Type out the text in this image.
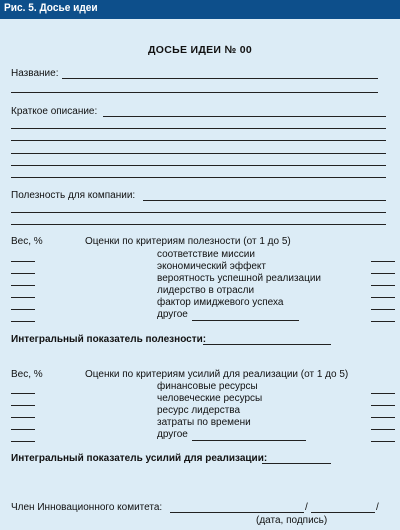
Рис. 5. Досье идеи
ДОСЬЕ ИДЕИ № 00
Название:
Краткое описание:
Полезность для компании:
Вес, %	Оценки по критериям полезности (от 1 до 5)
соответствие миссии
экономический эффект
вероятность успешной реализации
лидерство в отрасли
фактор имиджевого успеха
другое
Интегральный показатель полезности:
Вес, %	Оценки по критериям усилий для реализации (от 1 до 5)
финансовые ресурсы
человеческие ресурсы
ресурс лидерства
затраты по времени
другое
Интегральный показатель усилий для реализации:
Член Инновационного комитета:	/	/
(дата, подпись)
